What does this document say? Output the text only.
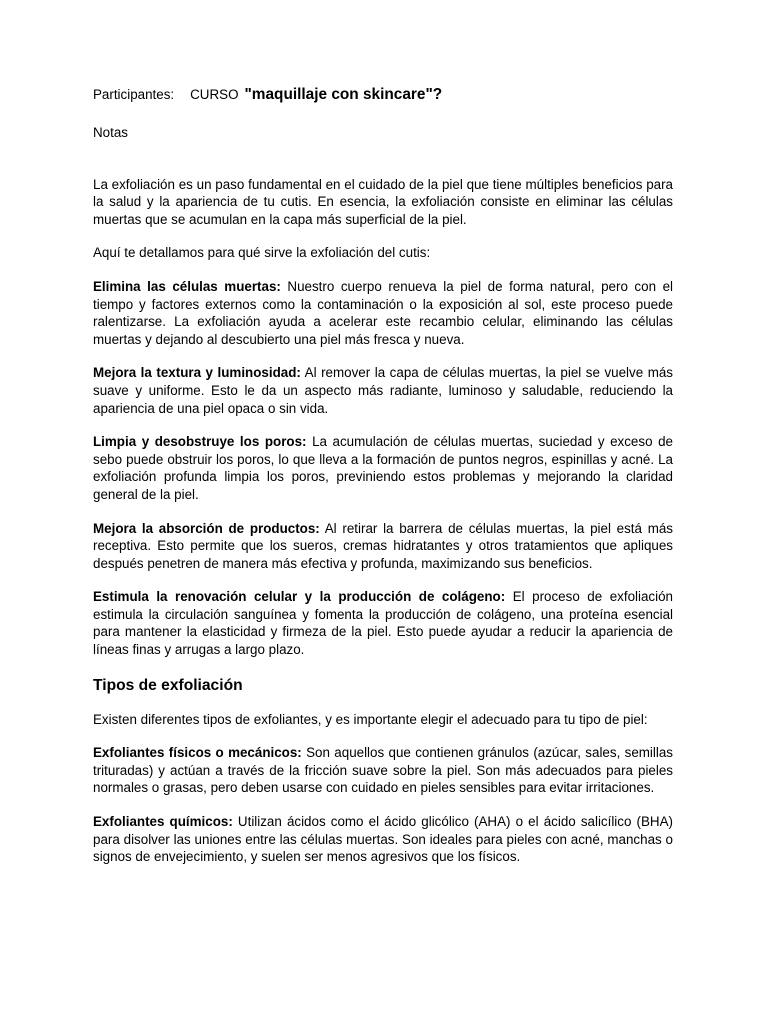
Participantes: CURSO "maquillaje con skincare"?
Notas

La exfoliación es un paso fundamental en el cuidado de la piel que tiene múltiples beneficios para la salud y la apariencia de tu cutis. En esencia, la exfoliación consiste en eliminar las células muertas que se acumulan en la capa más superficial de la piel.

Aquí te detallamos para qué sirve la exfoliación del cutis:

Elimina las células muertas: Nuestro cuerpo renueva la piel de forma natural, pero con el tiempo y factores externos como la contaminación o la exposición al sol, este proceso puede ralentizarse. La exfoliación ayuda a acelerar este recambio celular, eliminando las células muertas y dejando al descubierto una piel más fresca y nueva.

Mejora la textura y luminosidad: Al remover la capa de células muertas, la piel se vuelve más suave y uniforme. Esto le da un aspecto más radiante, luminoso y saludable, reduciendo la apariencia de una piel opaca o sin vida.

Limpia y desobstruye los poros: La acumulación de células muertas, suciedad y exceso de sebo puede obstruir los poros, lo que lleva a la formación de puntos negros, espinillas y acné. La exfoliación profunda limpia los poros, previniendo estos problemas y mejorando la claridad general de la piel.

Mejora la absorción de productos: Al retirar la barrera de células muertas, la piel está más receptiva. Esto permite que los sueros, cremas hidratantes y otros tratamientos que apliques después penetren de manera más efectiva y profunda, maximizando sus beneficios.

Estimula la renovación celular y la producción de colágeno: El proceso de exfoliación estimula la circulación sanguínea y fomenta la producción de colágeno, una proteína esencial para mantener la elasticidad y firmeza de la piel. Esto puede ayudar a reducir la apariencia de líneas finas y arrugas a largo plazo.

Tipos de exfoliación

Existen diferentes tipos de exfoliantes, y es importante elegir el adecuado para tu tipo de piel:

Exfoliantes físicos o mecánicos: Son aquellos que contienen gránulos (azúcar, sales, semillas trituradas) y actúan a través de la fricción suave sobre la piel. Son más adecuados para pieles normales o grasas, pero deben usarse con cuidado en pieles sensibles para evitar irritaciones.

Exfoliantes químicos: Utilizan ácidos como el ácido glicólico (AHA) o el ácido salicílico (BHA) para disolver las uniones entre las células muertas. Son ideales para pieles con acné, manchas o signos de envejecimiento, y suelen ser menos agresivos que los físicos.
